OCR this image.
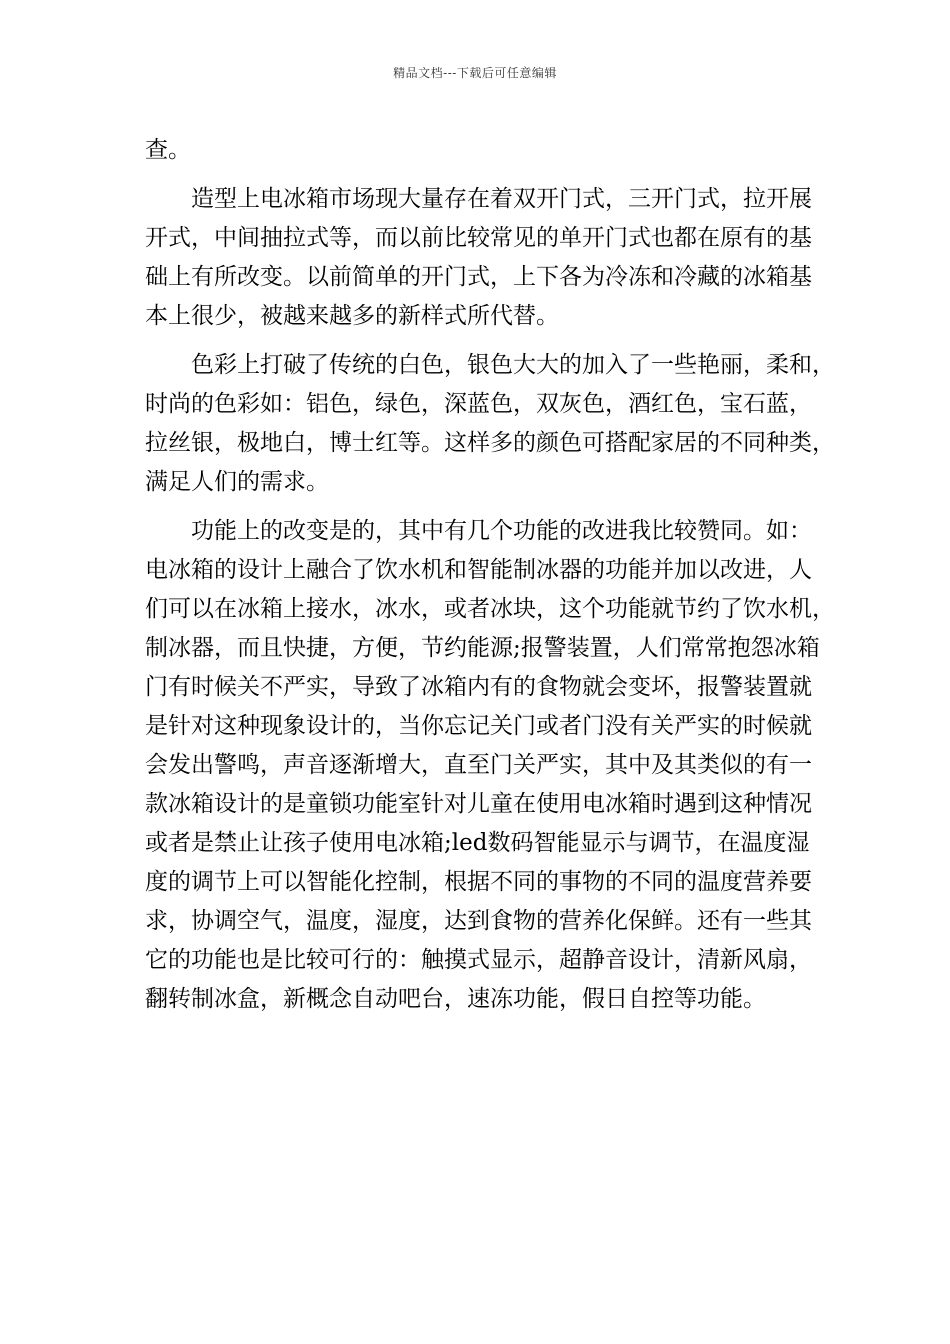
精品文档---下载后可任意编辑
查。
　　造型上电冰箱市场现大量存在着双开门式，三开门式，拉开展
开式，中间抽拉式等，而以前比较常见的单开门式也都在原有的基
础上有所改变。以前简单的开门式，上下各为冷冻和冷藏的冰箱基
本上很少，被越来越多的新样式所代替。
　　色彩上打破了传统的白色，银色大大的加入了一些艳丽，柔和，
时尚的色彩如：铝色，绿色，深蓝色，双灰色，酒红色，宝石蓝，
拉丝银，极地白，博士红等。这样多的颜色可搭配家居的不同种类，
满足人们的需求。
　　功能上的改变是的，其中有几个功能的改进我比较赞同。如：
电冰箱的设计上融合了饮水机和智能制冰器的功能并加以改进，人
们可以在冰箱上接水，冰水，或者冰块，这个功能就节约了饮水机，
制冰器，而且快捷，方便，节约能源;报警装置，人们常常抱怨冰箱
门有时候关不严实，导致了冰箱内有的食物就会变坏，报警装置就
是针对这种现象设计的，当你忘记关门或者门没有关严实的时候就
会发出警鸣，声音逐渐增大，直至门关严实，其中及其类似的有一
款冰箱设计的是童锁功能室针对儿童在使用电冰箱时遇到这种情况
或者是禁止让孩子使用电冰箱;led数码智能显示与调节，在温度湿
度的调节上可以智能化控制，根据不同的事物的不同的温度营养要
求，协调空气，温度，湿度，达到食物的营养化保鲜。还有一些其
它的功能也是比较可行的：触摸式显示，超静音设计，清新风扇，
翻转制冰盒，新概念自动吧台，速冻功能，假日自控等功能。
